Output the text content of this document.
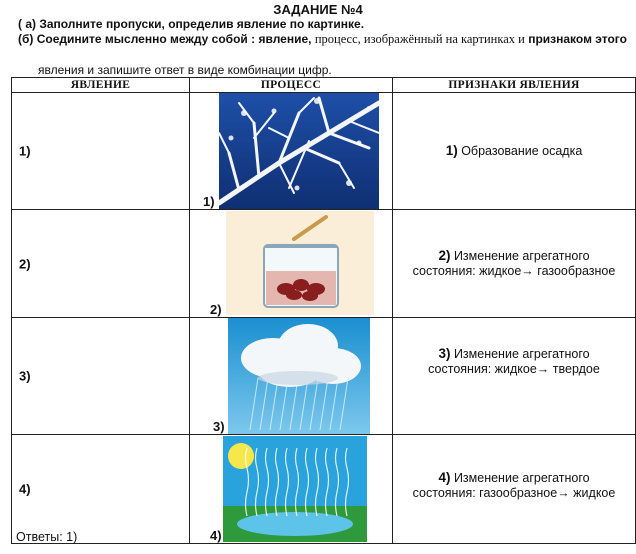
ЗАДАНИЕ №4
( а) Заполните пропуски, определив явление по картинке.
(б) Соедините мысленно между собой : явление, процесс, изображённый на картинках и признаком этого
явления и запишите ответ в виде комбинации цифр.
ЯВЛЕНИЕ	ПРОЦЕСС	ПРИЗНАКИ ЯВЛЕНИЯ

1)	1)	1) Образование осадка

2)	2)	2) Изменение агрегатного
состояния: жидкое→ газообразное

3)	3)	3) Изменение агрегатного
состояния: жидкое→ твердое

4)	4)	4) Изменение агрегатного
состояния: газообразное→ жидкое
Ответы: 1)
